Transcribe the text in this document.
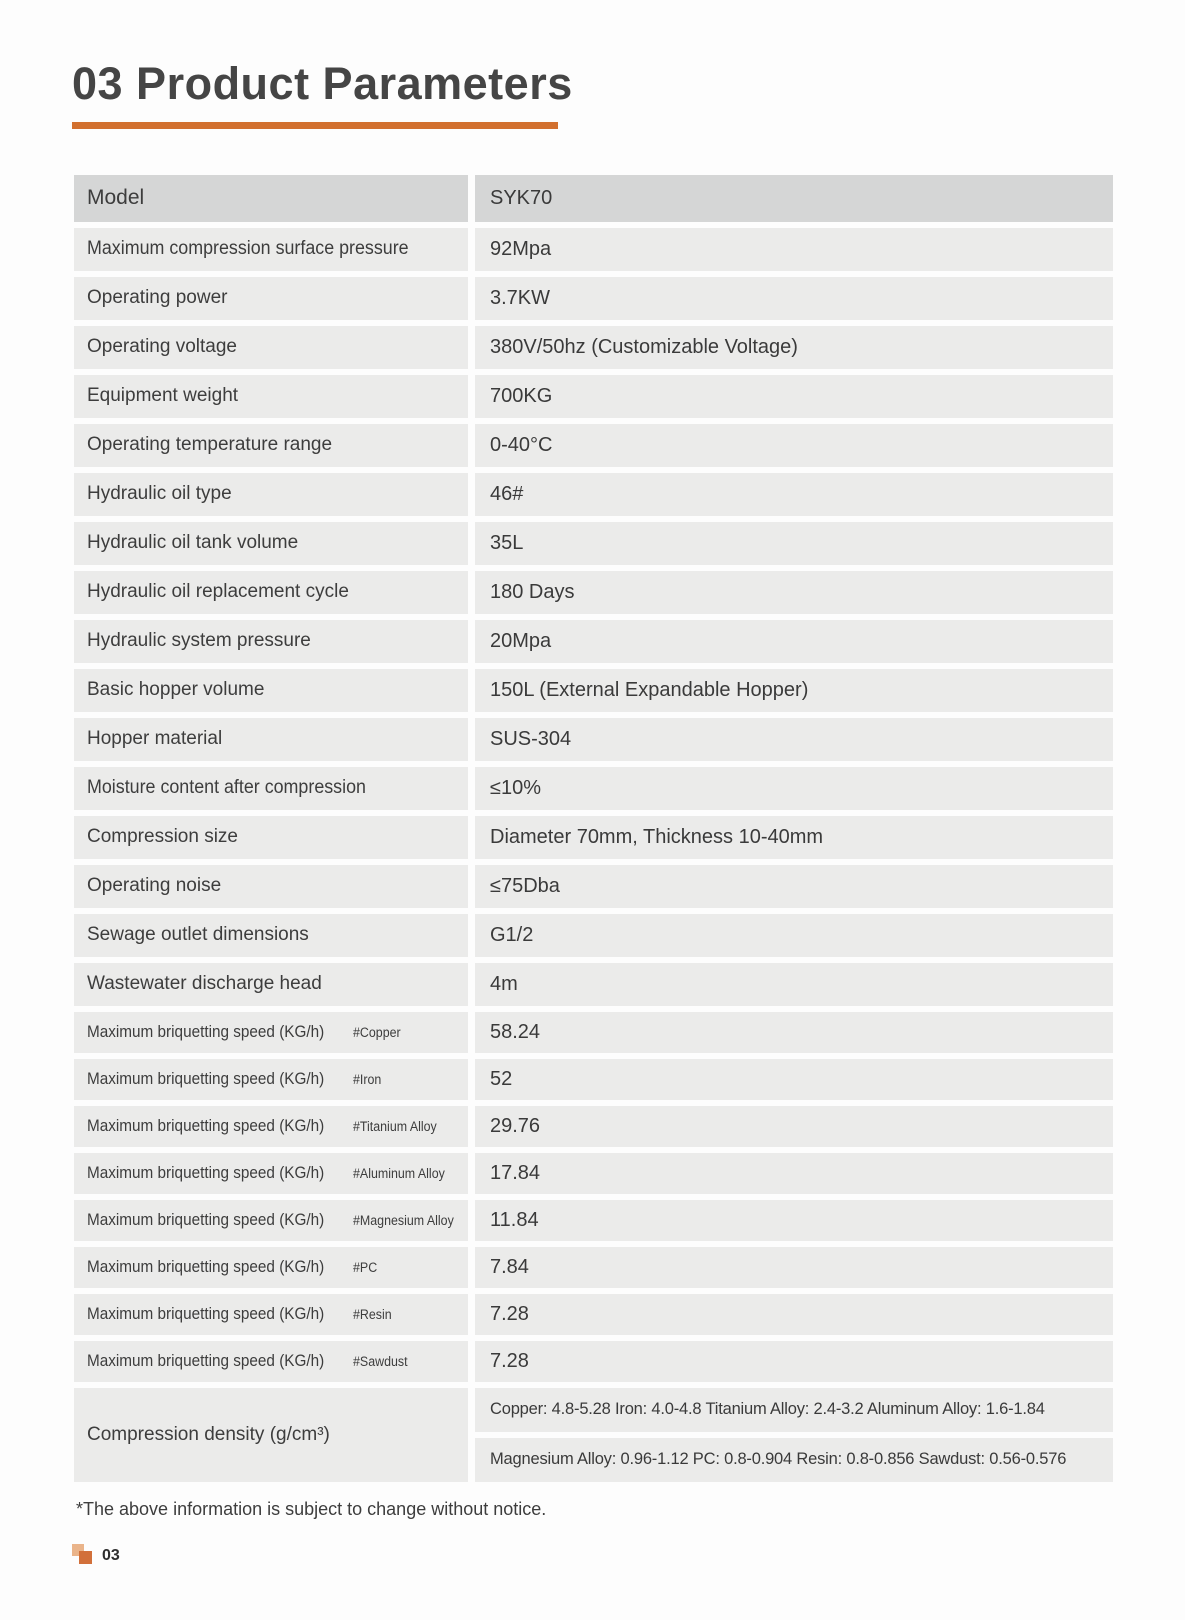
03 Product Parameters
Model	SYK70
Maximum compression surface pressure	92Mpa
Operating power	3.7KW
Operating voltage	380V/50hz (Customizable Voltage)
Equipment weight	700KG
Operating temperature range	0-40°C
Hydraulic oil type	46#
Hydraulic oil tank volume	35L
Hydraulic oil replacement cycle	180 Days
Hydraulic system pressure	20Mpa
Basic hopper volume	150L (External Expandable Hopper)
Hopper material	SUS-304
Moisture content after compression	≤10%
Compression size	Diameter 70mm, Thickness 10-40mm
Operating noise	≤75Dba
Sewage outlet dimensions	G1/2
Wastewater discharge head	4m
Maximum briquetting speed (KG/h) #Copper	58.24
Maximum briquetting speed (KG/h) #Iron	52
Maximum briquetting speed (KG/h) #Titanium Alloy	29.76
Maximum briquetting speed (KG/h) #Aluminum Alloy 17.84
Maximum briquetting speed (KG/h) #Magnesium Alloy 11.84
Maximum briquetting speed (KG/h) #PC	7.84
Maximum briquetting speed (KG/h) #Resin	7.28
Maximum briquetting speed (KG/h) #Sawdust	7.28
Compression density (g/cm³)
Copper: 4.8-5.28 Iron: 4.0-4.8 Titanium Alloy: 2.4-3.2 Aluminum Alloy: 1.6-1.84
Magnesium Alloy: 0.96-1.12 PC: 0.8-0.904 Resin: 0.8-0.856 Sawdust: 0.56-0.576

*The above information is subject to change without notice.

03
